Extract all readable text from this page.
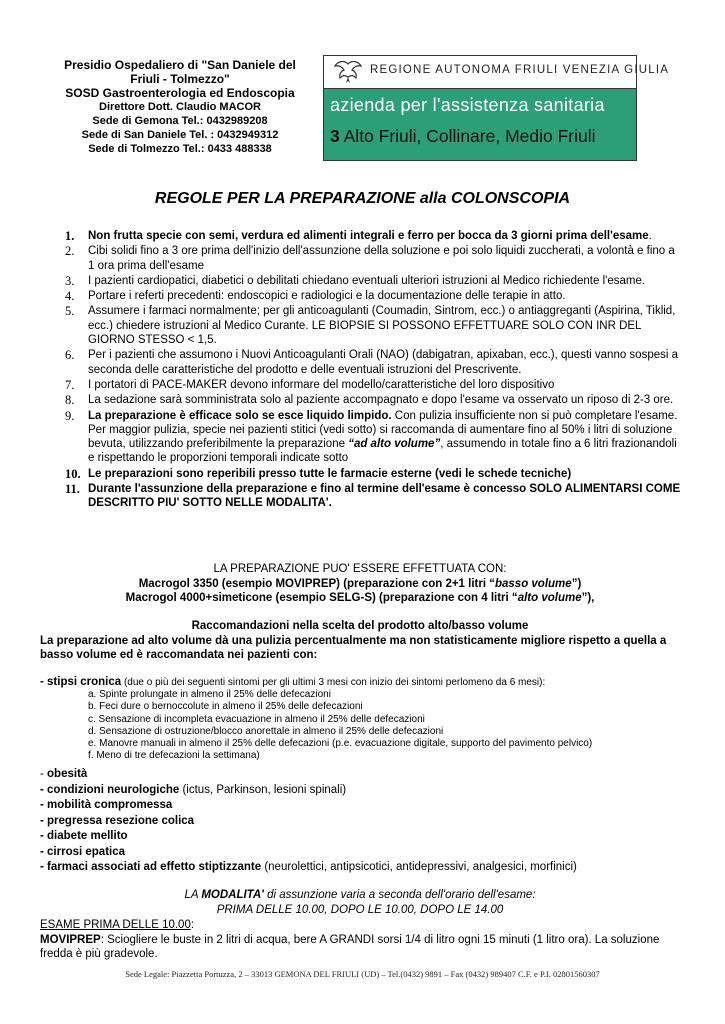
Presidio Ospedaliero di "San Daniele del
Friuli - Tolmezzo"
SOSD Gastroenterologia ed Endoscopia
Direttore Dott. Claudio MACOR
Sede di Gemona Tel.: 0432989208
Sede di San Daniele Tel. : 0432949312
Sede di Tolmezzo Tel.: 0433 488338
REGIONE AUTONOMA FRIULI VENEZIA GIULIA
azienda per l'assistenza sanitaria
3 Alto Friuli, Collinare, Medio Friuli
REGOLE PER LA PREPARAZIONE alla COLONSCOPIA
1. Non frutta specie con semi, verdura ed alimenti integrali e ferro per bocca da 3 giorni prima dell'esame.
2. Cibi solidi fino a 3 ore prima dell'inizio dell'assunzione della soluzione e poi solo liquidi zuccherati, a volontà e fino a 1 ora prima dell'esame
3. I pazienti cardiopatici, diabetici o debilitati chiedano eventuali ulteriori istruzioni al Medico richiedente l'esame.
4. Portare i referti precedenti: endoscopici e radiologici e la documentazione delle terapie in atto.
5. Assumere i farmaci normalmente; per gli anticoagulanti (Coumadin, Sintrom, ecc.) o antiaggreganti (Aspirina, Tiklid, ecc.) chiedere istruzioni al Medico Curante. LE BIOPSIE SI POSSONO EFFETTUARE SOLO CON INR DEL GIORNO STESSO < 1,5.
6. Per i pazienti che assumono i Nuovi Anticoagulanti Orali (NAO) (dabigatran, apixaban, ecc.), questi vanno sospesi a seconda delle caratteristiche del prodotto e delle eventuali istruzioni del Prescrivente.
7. I portatori di PACE-MAKER devono informare del modello/caratteristiche del loro dispositivo
8. La sedazione sarà somministrata solo al paziente accompagnato e dopo l'esame va osservato un riposo di 2-3 ore.
9. La preparazione è efficace solo se esce liquido limpido. Con pulizia insufficiente non si può completare l'esame. Per maggior pulizia, specie nei pazienti stitici (vedi sotto) si raccomanda di aumentare fino al 50% i litri di soluzione bevuta, utilizzando preferibilmente la preparazione “ad alto volume”, assumendo in totale fino a 6 litri frazionandoli e rispettando le proporzioni temporali indicate sotto
10. Le preparazioni sono reperibili presso tutte le farmacie esterne (vedi le schede tecniche)
11. Durante l'assunzione della preparazione e fino al termine dell'esame è concesso SOLO ALIMENTARSI COME DESCRITTO PIU' SOTTO NELLE MODALITA'.
LA PREPARAZIONE PUO' ESSERE EFFETTUATA CON:
Macrogol 3350 (esempio MOVIPREP) (preparazione con 2+1 litri “basso volume”)
Macrogol 4000+simeticone (esempio SELG-S) (preparazione con 4 litri “alto volume”),
Raccomandazioni nella scelta del prodotto alto/basso volume
La preparazione ad alto volume dà una pulizia percentualmente ma non statisticamente migliore rispetto a quella a basso volume ed è raccomandata nei pazienti con:
- stipsi cronica (due o più dei seguenti sintomi per gli ultimi 3 mesi con inizio dei sintomi perlomeno da 6 mesi):
a. Spinte prolungate in almeno il 25% delle defecazioni
b. Feci dure o bernoccolute in almeno il 25% delle defecazioni
c. Sensazione di incompleta evacuazione in almeno il 25% delle defecazioni
d. Sensazione di ostruzione/blocco anorettale in almeno il 25% delle defecazioni
e. Manovre manuali in almeno il 25% delle defecazioni (p.e. evacuazione digitale, supporto del pavimento pelvico)
f. Meno di tre defecazioni la settimana)
- obesità
- condizioni neurologiche (ictus, Parkinson, lesioni spinali)
- mobilità compromessa
- pregressa resezione colica
- diabete mellito
- cirrosi epatica
- farmaci associati ad effetto stiptizzante (neurolettici, antipsicotici, antidepressivi, analgesici, morfinici)
LA MODALITA' di assunzione varia a seconda dell'orario dell'esame:
PRIMA DELLE 10.00, DOPO LE 10.00, DOPO LE 14.00
ESAME PRIMA DELLE 10.00:
MOVIPREP: Sciogliere le buste in 2 litri di acqua, bere A GRANDI sorsi 1/4 di litro ogni 15 minuti (1 litro ora). La soluzione fredda è più gradevole.
Sede Legale: Piazzetta Portuzza, 2 – 33013 GEMONA DEL FRIULI (UD) – Tel.(0432) 9891 – Fax (0432) 989407 C.F. e P.I. 02801560307
